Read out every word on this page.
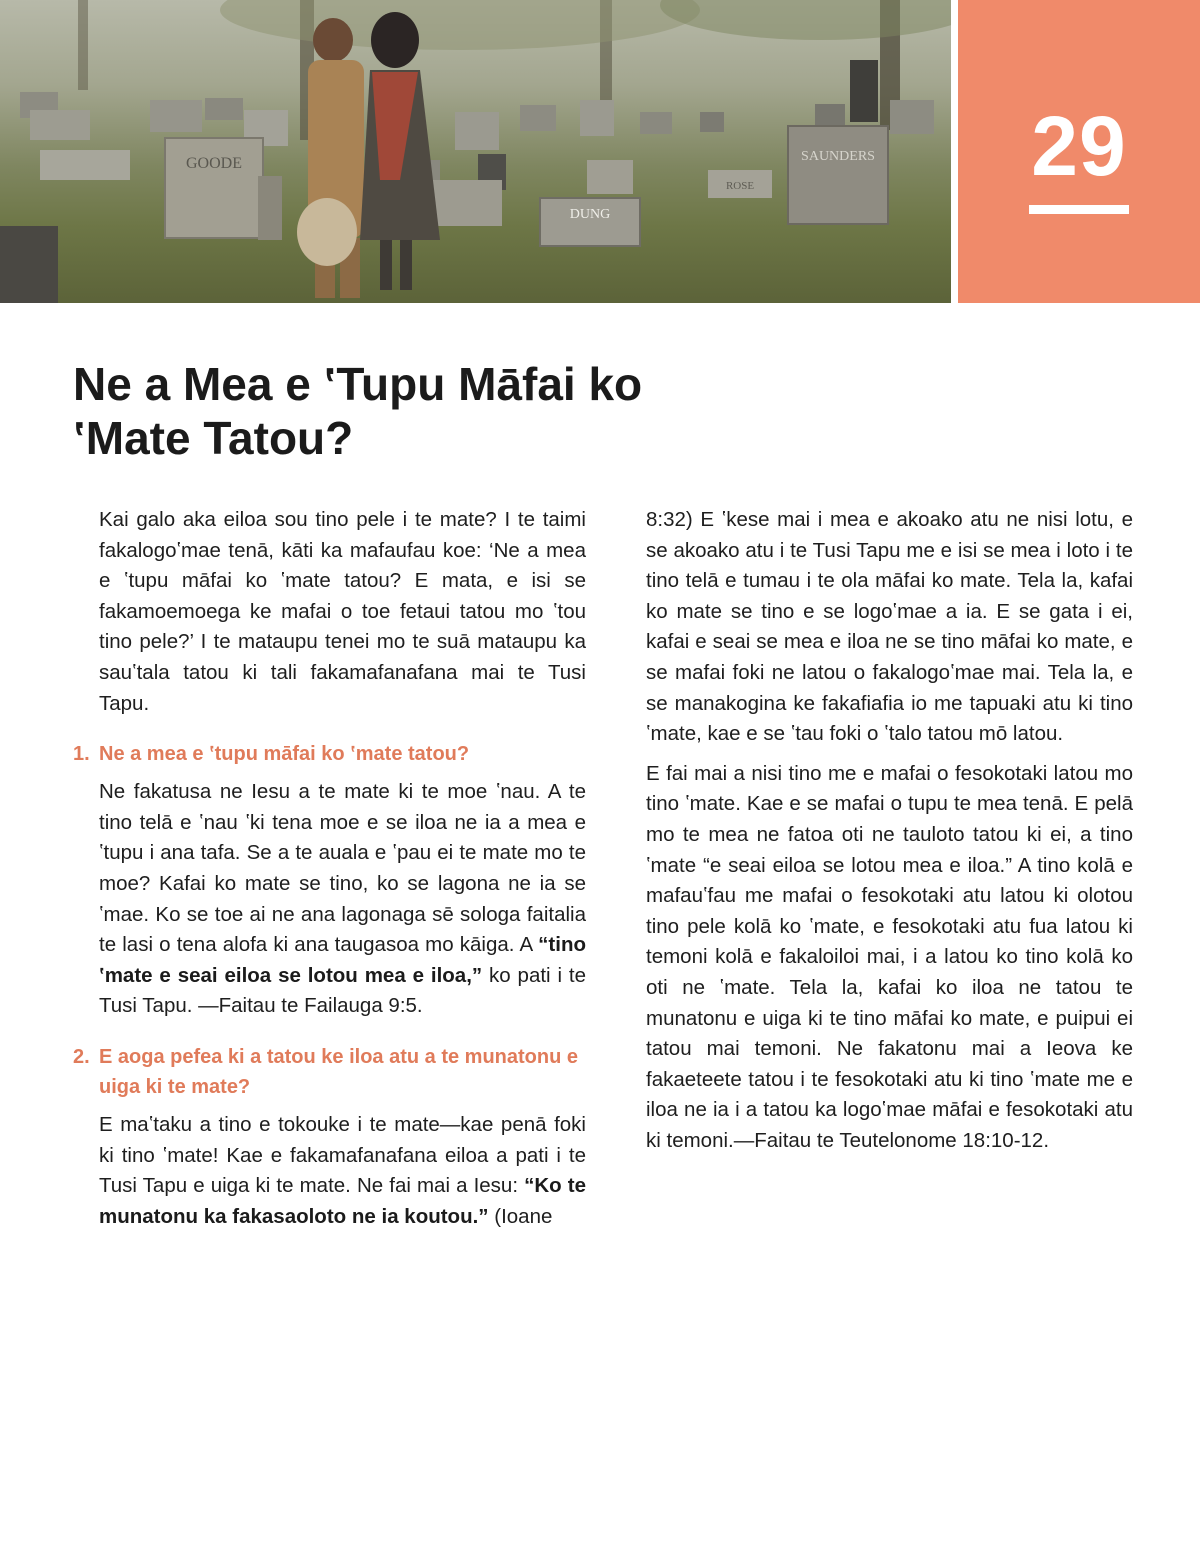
GOODE	SAUNDERS
DUNG
ROSE	29
Ne a Mea e ʽTupu Māfai ko ʽMate Tatou?

Kai galo aka eiloa sou tino pele i te mate? I te taimi fakalogoʽmae tenā, kāti ka mafaufau koe: ‘Ne a mea e ʽtupu māfai ko ʽmate tatou? E mata, e isi se fakamoemoega ke mafai o toe fetaui tatou mo ʽtou tino pele?’ I te mataupu tenei mo te suā mataupu ka sauʽtala tatou ki tali fakamafanafana mai te Tusi Tapu.

1. Ne a mea e ʽtupu māfai ko ʽmate tatou?

Ne fakatusa ne Iesu a te mate ki te moe ʽnau. A te tino telā e ʽnau ʽki tena moe e se iloa ne ia a mea e ʽtupu i ana tafa. Se a te auala e ʽpau ei te mate mo te moe? Kafai ko mate se tino, ko se lagona ne ia se ʽmae. Ko se toe ai ne ana lagonaga sē sologa faitalia te lasi o tena alofa ki ana taugasoa mo kāiga. A “tino ʽmate e seai eiloa se lotou mea e iloa,” ko pati i te Tusi Tapu. —Faitau te Failauga 9:5.

2. E aoga pefea ki a tatou ke iloa atu a te munatonu e uiga ki te mate?

E maʽtaku a tino e tokouke i te mate—kae penā foki ki tino ʽmate! Kae e fakamafanafana eiloa a pati i te Tusi Tapu e uiga ki te mate. Ne fai mai a Iesu: “Ko te munatonu ka fakasaoloto ne ia koutou.” (Ioane

8:32) E ʽkese mai i mea e akoako atu ne nisi lotu, e se akoako atu i te Tusi Tapu me e isi se mea i loto i te tino telā e tumau i te ola māfai ko mate. Tela la, kafai ko mate se tino e se logoʽmae a ia. E se gata i ei, kafai e seai se mea e iloa ne se tino māfai ko mate, e se mafai foki ne latou o fakalogoʽmae mai. Tela la, e se manakogina ke fakafiafia io me tapuaki atu ki tino ʽmate, kae e se ʽtau foki o ʽtalo tatou mō latou.

E fai mai a nisi tino me e mafai o fesokotaki latou mo tino ʽmate. Kae e se mafai o tupu te mea tenā. E pelā mo te mea ne fatoa oti ne tauloto tatou ki ei, a tino ʽmate “e seai eiloa se lotou mea e iloa.” A tino kolā e mafauʽfau me mafai o fesokotaki atu latou ki olotou tino pele kolā ko ʽmate, e fesokotaki atu fua latou ki temoni kolā e fakaloiloi mai, i a latou ko tino kolā ko oti ne ʽmate. Tela la, kafai ko iloa ne tatou te munatonu e uiga ki te tino māfai ko mate, e puipui ei tatou mai temoni. Ne fakatonu mai a Ieova ke fakaeteete tatou i te fesokotaki atu ki tino ʽmate me e iloa ne ia i a tatou ka logoʽmae māfai e fesokotaki atu ki temoni.—Faitau te Teutelonome 18:10-12.
